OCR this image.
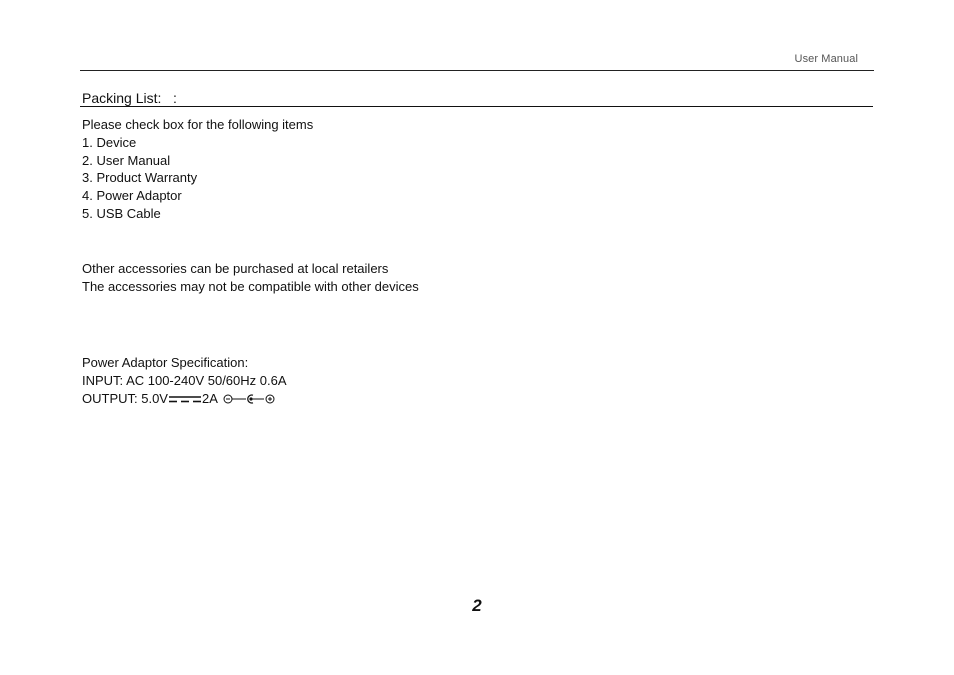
User Manual
Packing List:   :
Please check box for the following items
1. Device
2. User Manual
3. Product Warranty
4. Power Adaptor
5. USB Cable
Other accessories can be purchased at local retailers
The accessories may not be compatible with other devices
Power Adaptor Specification:
INPUT: AC 100-240V 50/60Hz 0.6A
OUTPUT: 5.0V	2A
2
